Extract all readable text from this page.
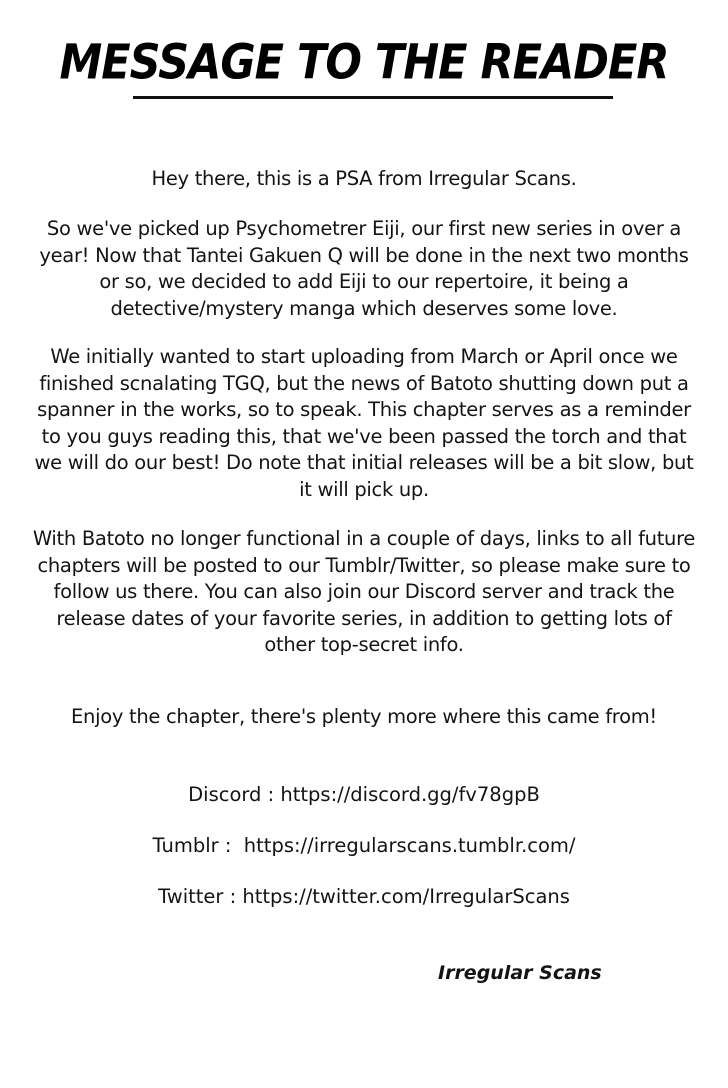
MESSAGE TO THE READER
Hey there, this is a PSA from Irregular Scans.
So we've picked up Psychometrer Eiji, our first new series in over a year! Now that Tantei Gakuen Q will be done in the next two months or so, we decided to add Eiji to our repertoire, it being a detective/mystery manga which deserves some love.
We initially wanted to start uploading from March or April once we finished scnalating TGQ, but the news of Batoto shutting down put a spanner in the works, so to speak. This chapter serves as a reminder to you guys reading this, that we've been passed the torch and that we will do our best! Do note that initial releases will be a bit slow, but it will pick up.
With Batoto no longer functional in a couple of days, links to all future chapters will be posted to our Tumblr/Twitter, so please make sure to follow us there. You can also join our Discord server and track the release dates of your favorite series, in addition to getting lots of other top-secret info.
Enjoy the chapter, there's plenty more where this came from!
Discord : https://discord.gg/fv78gpB
Tumblr :  https://irregularscans.tumblr.com/
Twitter : https://twitter.com/IrregularScans
Irregular Scans
